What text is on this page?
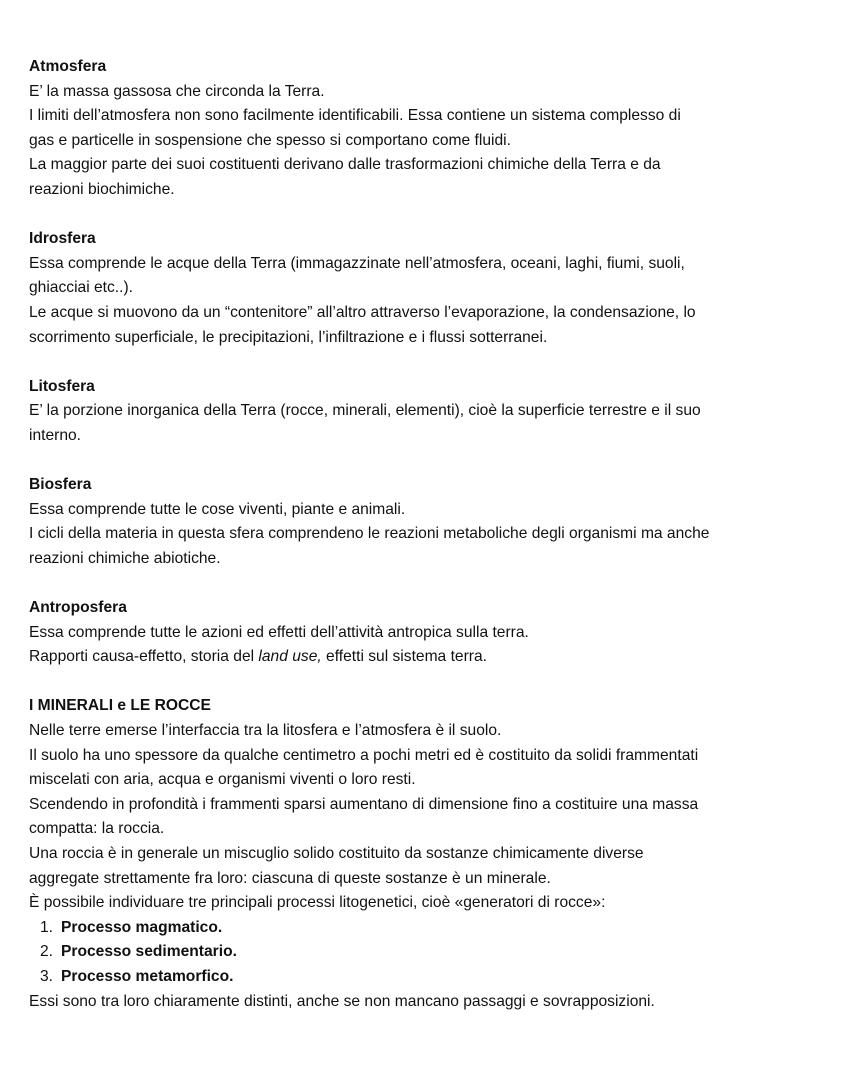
Atmosfera
E’ la massa gassosa che circonda la Terra.
I limiti dell’atmosfera non sono facilmente identificabili. Essa contiene un sistema complesso di
gas e particelle in sospensione che spesso si comportano come fluidi.
La maggior parte dei suoi costituenti derivano dalle trasformazioni chimiche della Terra e da
reazioni biochimiche.
Idrosfera
Essa comprende le acque della Terra (immagazzinate nell’atmosfera, oceani, laghi, fiumi, suoli,
ghiacciai etc..).
Le acque si muovono da un “contenitore” all’altro attraverso l’evaporazione, la condensazione, lo
scorrimento superficiale, le precipitazioni, l’infiltrazione e i flussi sotterranei.
Litosfera
E’ la porzione inorganica della Terra (rocce, minerali, elementi), cioè la superficie terrestre e il suo
interno.
Biosfera
Essa comprende tutte le cose viventi, piante e animali.
I cicli della materia in questa sfera comprendeno le reazioni metaboliche degli organismi ma anche
reazioni chimiche abiotiche.
Antroposfera
Essa comprende tutte le azioni ed effetti dell’attività antropica sulla terra.
Rapporti causa-effetto, storia del land use, effetti sul sistema terra.
I MINERALI e LE ROCCE
Nelle terre emerse l’interfaccia tra la litosfera e l’atmosfera è il suolo.
Il suolo ha uno spessore da qualche centimetro a pochi metri ed è costituito da solidi frammentati
miscelati con aria, acqua e organismi viventi o loro resti.
Scendendo in profondità i frammenti sparsi aumentano di dimensione fino a costituire una massa
compatta: la roccia.
Una roccia è in generale un miscuglio solido costituito da sostanze chimicamente diverse
aggregate strettamente fra loro: ciascuna di queste sostanze è un minerale.
È possibile individuare tre principali processi litogenetici, cioè «generatori di rocce»:
1. Processo magmatico.
2. Processo sedimentario.
3. Processo metamorfico.
Essi sono tra loro chiaramente distinti, anche se non mancano passaggi e sovrapposizioni.
